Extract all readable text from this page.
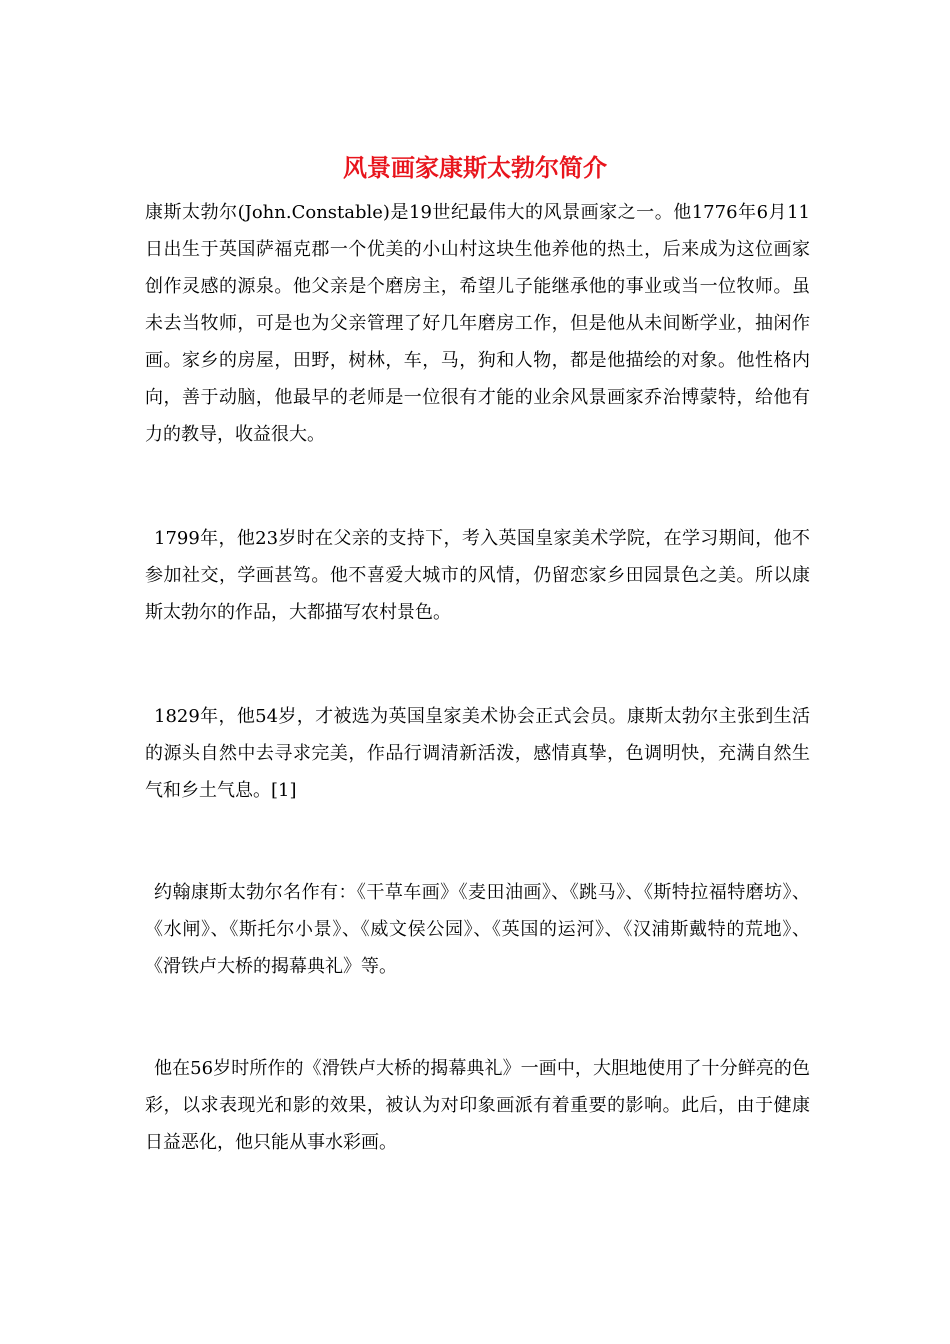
风景画家康斯太勃尔简介

康斯太勃尔(John.Constable)是19世纪最伟大的风景画家之一。他1776年6月11日出生于英国萨福克郡一个优美的小山村这块生他养他的热土，后来成为这位画家创作灵感的源泉。他父亲是个磨房主，希望儿子能继承他的事业或当一位牧师。虽未去当牧师，可是也为父亲管理了好几年磨房工作，但是他从未间断学业，抽闲作画。家乡的房屋，田野，树林，车，马，狗和人物，都是他描绘的对象。他性格内向，善于动脑，他最早的老师是一位很有才能的业余风景画家乔治博蒙特，给他有力的教导，收益很大。

1799年，他23岁时在父亲的支持下，考入英国皇家美术学院，在学习期间，他不参加社交，学画甚笃。他不喜爱大城市的风情，仍留恋家乡田园景色之美。所以康斯太勃尔的作品，大都描写农村景色。

1829年，他54岁，才被选为英国皇家美术协会正式会员。康斯太勃尔主张到生活的源头自然中去寻求完美，作品行调清新活泼，感情真挚，色调明快，充满自然生气和乡土气息。[1]

约翰康斯太勃尔名作有：《干草车画》《麦田油画》、《跳马》、《斯特拉福特磨坊》、《水闸》、《斯托尔小景》、《威文侯公园》、《英国的运河》、《汉浦斯戴特的荒地》、《滑铁卢大桥的揭幕典礼》等。

他在56岁时所作的《滑铁卢大桥的揭幕典礼》一画中，大胆地使用了十分鲜亮的色彩，以求表现光和影的效果，被认为对印象画派有着重要的影响。此后，由于健康日益恶化，他只能从事水彩画。
